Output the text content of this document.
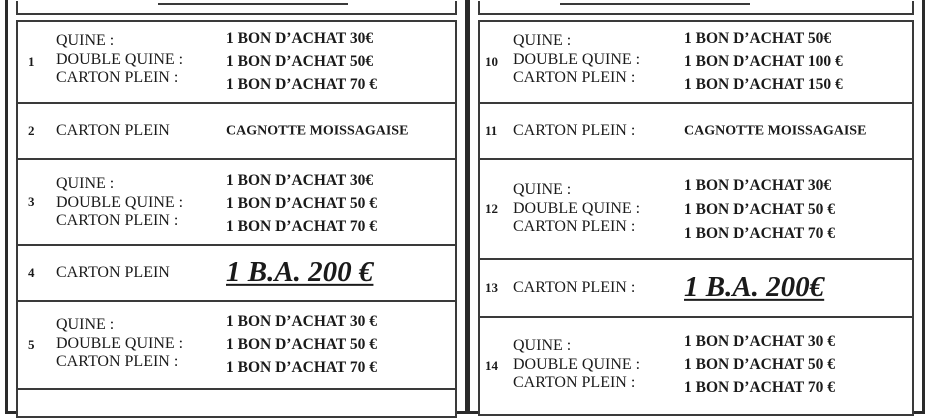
1
QUINE :
DOUBLE QUINE :
CARTON PLEIN :
1 BON D’ACHAT 30€
1 BON D’ACHAT 50€
1 BON D’ACHAT 70 €
2 CARTON PLEIN	CAGNOTTE MOISSAGAISE
3
QUINE :
DOUBLE QUINE :
CARTON PLEIN :
1 BON D’ACHAT 30€
1 BON D’ACHAT 50 €
1 BON D’ACHAT 70 €
4 CARTON PLEIN 1 B.A. 200 €
5
QUINE :
DOUBLE QUINE :
CARTON PLEIN :
1 BON D’ACHAT 30 €
1 BON D’ACHAT 50 €
1 BON D’ACHAT 70 €
10
QUINE :
DOUBLE QUINE :
CARTON PLEIN :
1 BON D’ACHAT 50€
1 BON D’ACHAT 100 €
1 BON D’ACHAT 150 €
11 CARTON PLEIN :	CAGNOTTE MOISSAGAISE
12
QUINE :
DOUBLE QUINE :
CARTON PLEIN :
1 BON D’ACHAT 30€
1 BON D’ACHAT 50 €
1 BON D’ACHAT 70 €
13 CARTON PLEIN : 1 B.A. 200€
14
QUINE :
DOUBLE QUINE :
CARTON PLEIN :
1 BON D’ACHAT 30 €
1 BON D’ACHAT 50 €
1 BON D’ACHAT 70 €
